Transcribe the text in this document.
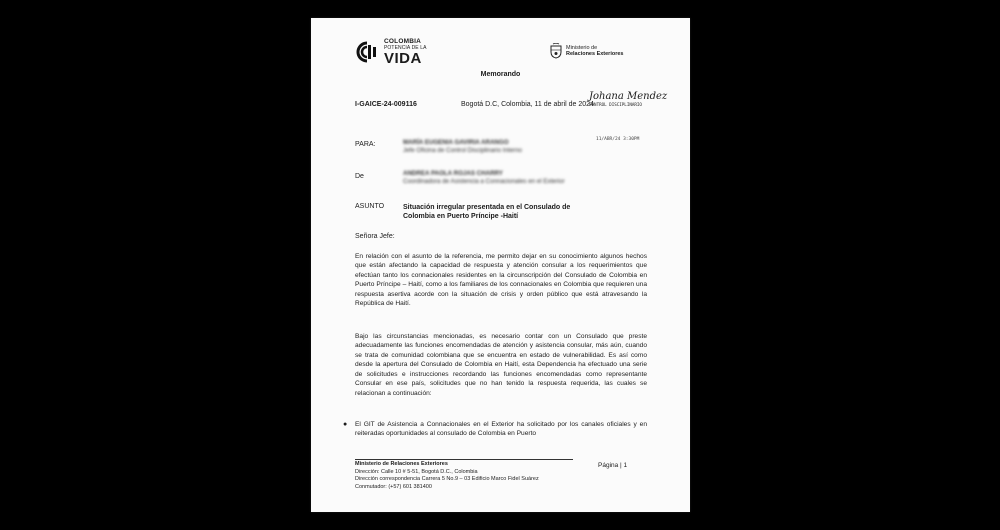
COLOMBIA
POTENCIA DE LA
VIDA
Ministerio de
Relaciones Exteriores
Memorando
I-GAICE-24-009116	Bogotá D.C, Colombia, 11 de abril de 2024
Johana Mendez
CONTROL DISCIPLINARIO
11/ABR/24 3:30PM
PARA:	MARÍA EUGENIA GAVIRIA ARANGO
Jefe Oficina de Control Disciplinario Interno
De	ANDREA PAOLA ROJAS CHARRY
Coordinadora de Asistencia a Connacionales en el Exterior
ASUNTO	Situación irregular presentada en el Consulado de Colombia en Puerto Príncipe -Haití
Señora Jefe:

En relación con el asunto de la referencia, me permito dejar en su conocimiento algunos hechos que están afectando la capacidad de respuesta y atención consular a los requerimientos que efectúan tanto los connacionales residentes en la circunscripción del Consulado de Colombia en Puerto Príncipe – Haití, como a los familiares de los connacionales en Colombia que requieren una respuesta asertiva acorde con la situación de crisis y orden público que está atravesando la República de Haití.

Bajo las circunstancias mencionadas, es necesario contar con un Consulado que preste adecuadamente las funciones encomendadas de atención y asistencia consular, más aún, cuando se trata de comunidad colombiana que se encuentra en estado de vulnerabilidad. Es así como desde la apertura del Consulado de Colombia en Haití, esta Dependencia ha efectuado una serie de solicitudes e instrucciones recordando las funciones encomendadas como representante Consular en ese país, solicitudes que no han tenido la respuesta requerida, las cuales se relacionan a continuación:

●	El GIT de Asistencia a Connacionales en el Exterior ha solicitado por los canales oficiales y en reiteradas oportunidades al consulado de Colombia en Puerto

Ministerio de Relaciones Exteriores
Dirección: Calle 10 # 5-51, Bogotá D.C., Colombia
Dirección correspondencia Carrera 5 No.9 – 03 Edificio Marco Fidel Suárez
Conmutador: (+57) 601 381400
Página | 1
